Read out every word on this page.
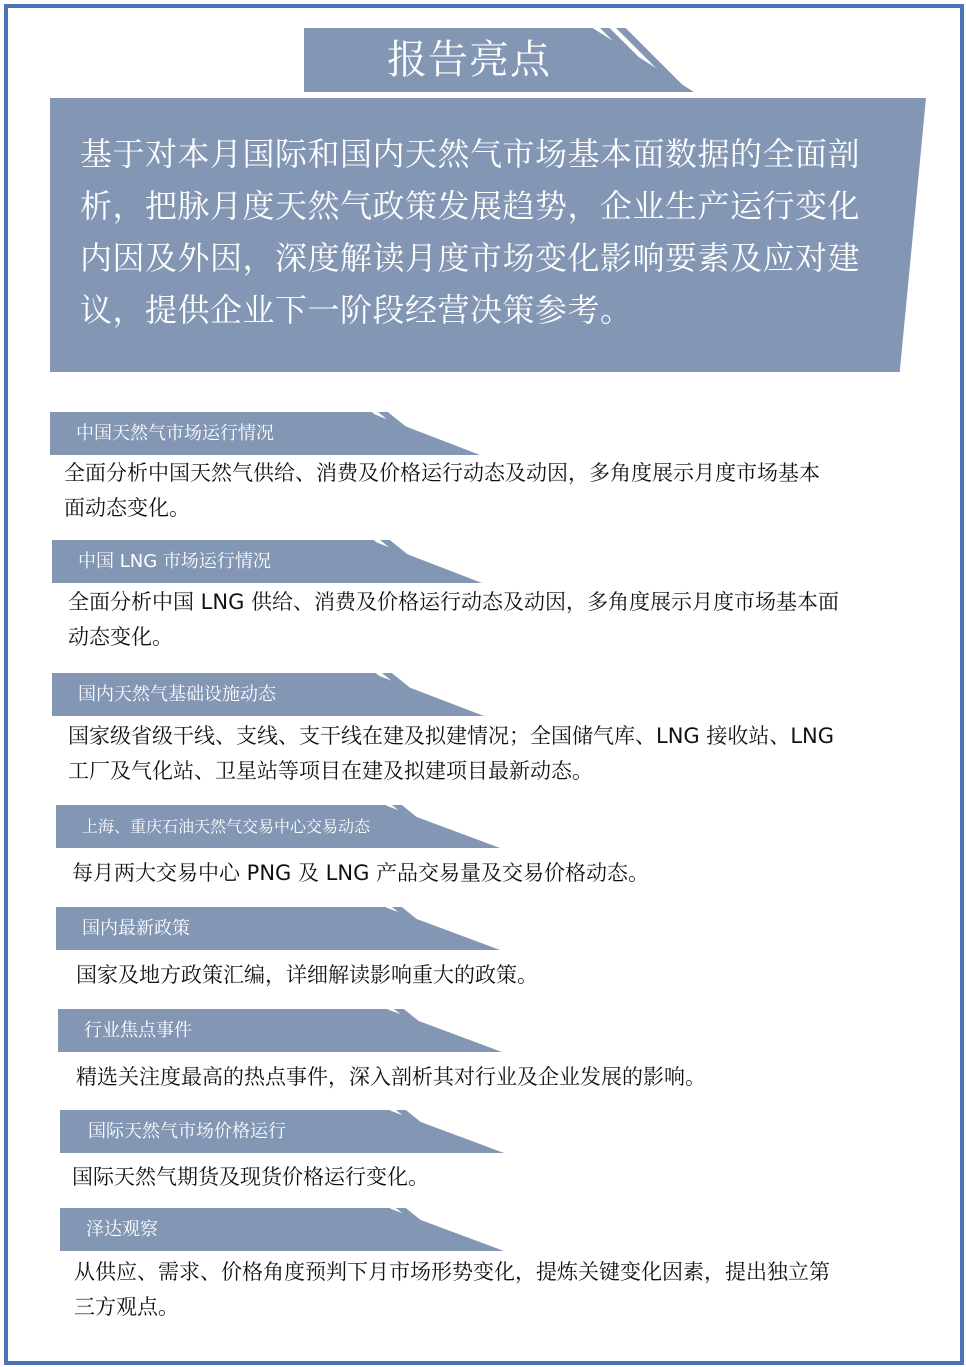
报告亮点
基于对本月国际和国内天然气市场基本面数据的全面剖
析，把脉月度天然气政策发展趋势，企业生产运行变化
内因及外因，深度解读月度市场变化影响要素及应对建
议，提供企业下一阶段经营决策参考。
中国天然气市场运行情况
全面分析中国天然气供给、消费及价格运行动态及动因，多角度展示月度市场基本
面动态变化。
中国 LNG 市场运行情况
全面分析中国 LNG 供给、消费及价格运行动态及动因，多角度展示月度市场基本面
动态变化。
国内天然气基础设施动态
国家级省级干线、支线、支干线在建及拟建情况；全国储气库、LNG 接收站、LNG
工厂及气化站、卫星站等项目在建及拟建项目最新动态。
上海、重庆石油天然气交易中心交易动态
每月两大交易中心 PNG 及 LNG 产品交易量及交易价格动态。
国内最新政策
国家及地方政策汇编，详细解读影响重大的政策。
行业焦点事件
精选关注度最高的热点事件，深入剖析其对行业及企业发展的影响。
国际天然气市场价格运行
国际天然气期货及现货价格运行变化。
泽达观察
从供应、需求、价格角度预判下月市场形势变化，提炼关键变化因素，提出独立第
三方观点。
